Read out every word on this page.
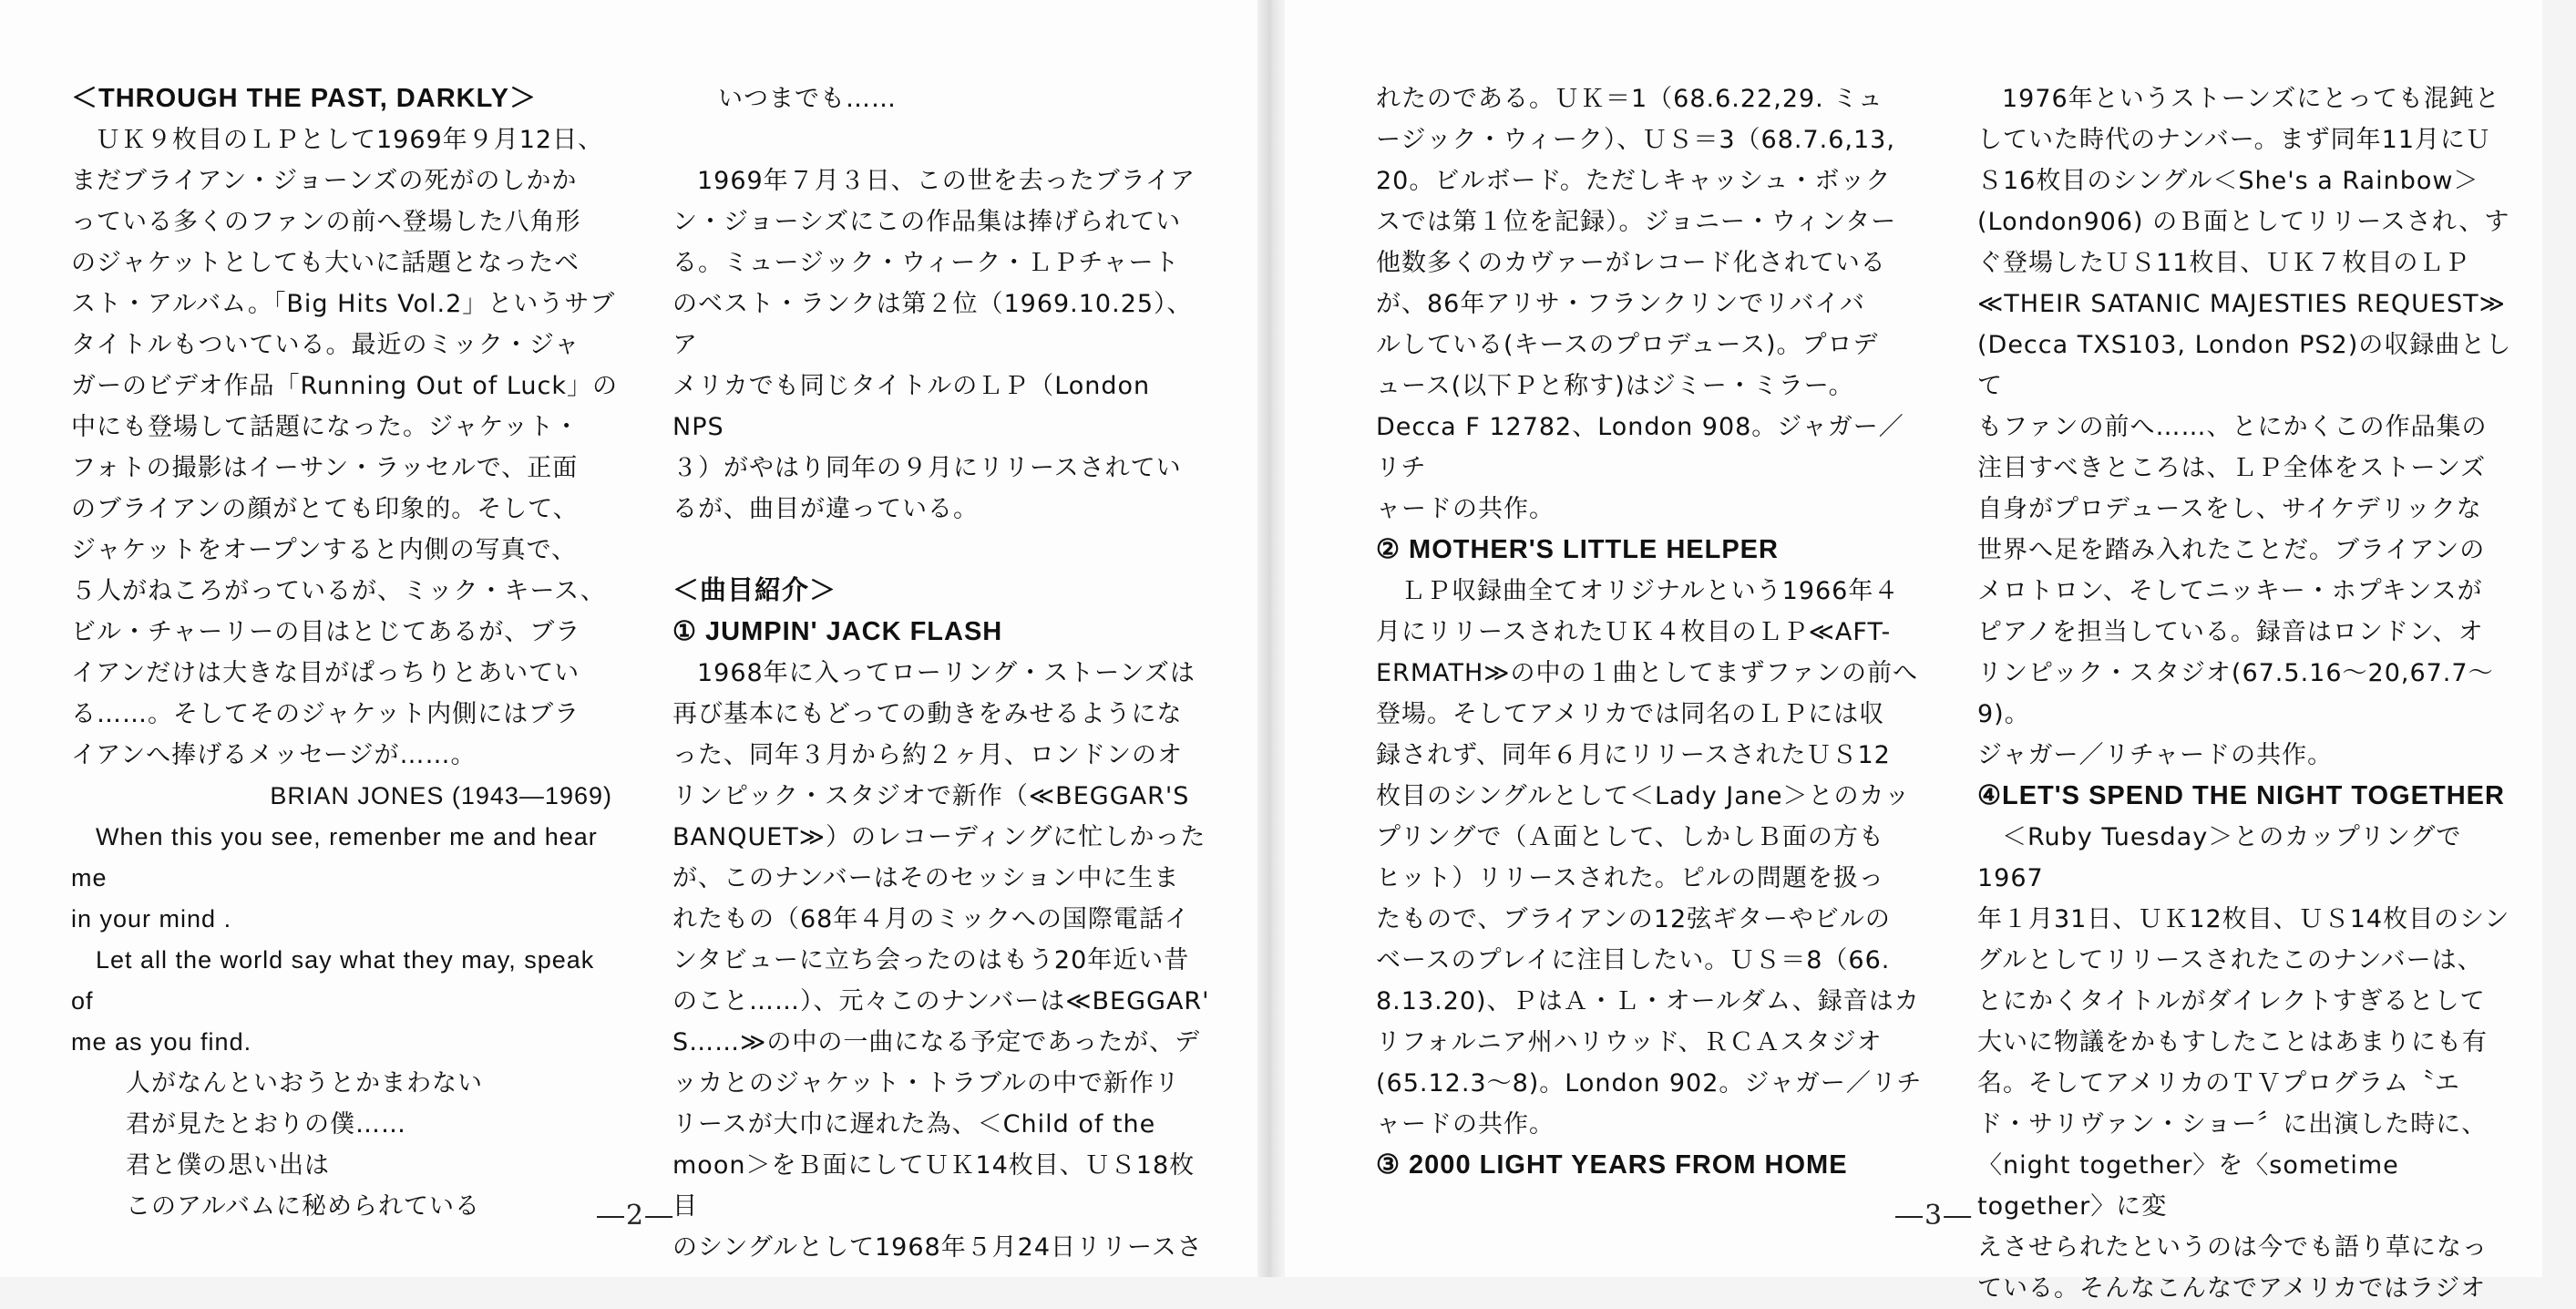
＜THROUGH THE PAST, DARKLY＞

ＵＫ９枚目のＬＰとして1969年９月12日、

まだブライアン・ジョーンズの死がのしかか

っている多くのファンの前へ登場した八角形

のジャケットとしても大いに話題となったベ

スト・アルバム。「Big Hits Vol.2」というサブ

タイトルもついている。最近のミック・ジャ

ガーのビデオ作品「Running Out of Luck」の

中にも登場して話題になった。ジャケット・

フォトの撮影はイーサン・ラッセルで、正面

のブライアンの顔がとても印象的。そして、

ジャケットをオープンすると内側の写真で、

５人がねころがっているが、ミック・キース、

ビル・チャーリーの目はとじてあるが、ブラ

イアンだけは大きな目がぱっちりとあいてい

る……。そしてそのジャケット内側にはブラ

イアンへ捧げるメッセージが……。

BRIAN JONES (1943―1969)

When this you see, remenber me and hear me

in your mind .

Let all the world say what they may, speak of

me as you find.

人がなんといおうとかまわない

君が見たとおりの僕……

君と僕の思い出は

このアルバムに秘められている

いつまでも……

1969年７月３日、この世を去ったブライア

ン・ジョーシズにこの作品集は捧げられてい

る。ミュージック・ウィーク・ＬＰチャート

のベスト・ランクは第２位（1969.10.25）、ア

メリカでも同じタイトルのＬＰ（London NPS

３）がやはり同年の９月にリリースされてい

るが、曲目が違っている。

＜曲目紹介＞

① JUMPIN' JACK FLASH

1968年に入ってローリング・ストーンズは

再び基本にもどっての動きをみせるようにな

った、同年３月から約２ヶ月、ロンドンのオ

リンピック・スタジオで新作（≪BEGGAR'S

BANQUET≫）のレコーディングに忙しかった

が、このナンバーはそのセッション中に生ま

れたもの（68年４月のミックへの国際電話イ

ンタビューに立ち会ったのはもう20年近い昔

のこと……）、元々このナンバーは≪BEGGAR'

S……≫の中の一曲になる予定であったが、デ

ッカとのジャケット・トラブルの中で新作リ

リースが大巾に遅れた為、＜Child of the

moon＞をＢ面にしてＵＫ14枚目、ＵＳ18枚目

のシングルとして1968年５月24日リリースさ

―2―

れたのである。ＵＫ＝1（68.6.22,29. ミュ

ージック・ウィーク）、ＵＳ＝3（68.7.6,13,

20。ビルボード。ただしキャッシュ・ボック

スでは第１位を記録）。ジョニー・ウィンター

他数多くのカヴァーがレコード化されている

が、86年アリサ・フランクリンでリバイバ

ルしている(キースのプロデュース)。プロデ

ュース(以下Ｐと称す)はジミー・ミラー。

Decca F 12782、London 908。ジャガー／リチ

ャードの共作。

② MOTHER'S LITTLE HELPER

ＬＰ収録曲全てオリジナルという1966年４

月にリリースされたＵＫ４枚目のＬＰ≪AFT-

ERMATH≫の中の１曲としてまずファンの前へ

登場。そしてアメリカでは同名のＬＰには収

録されず、同年６月にリリースされたＵＳ12

枚目のシングルとして＜Lady Jane＞とのカッ

プリングで（Ａ面として、しかしＢ面の方も

ヒット）リリースされた。ピルの問題を扱っ

たもので、ブライアンの12弦ギターやビルの

ベースのプレイに注目したい。ＵＳ＝8（66.

8.13.20)、ＰはＡ・Ｌ・オールダム、録音はカ

リフォルニア州ハリウッド、ＲＣＡスタジオ

(65.12.3〜8)。London 902。ジャガー／リチ

ャードの共作。

③ 2000 LIGHT YEARS FROM HOME

1976年というストーンズにとっても混鈍と

していた時代のナンバー。まず同年11月にＵ

Ｓ16枚目のシングル＜She's a Rainbow＞

(London906) のＢ面としてリリースされ、す

ぐ登場したＵＳ11枚目、ＵＫ７枚目のＬＰ

≪THEIR SATANIC MAJESTIES REQUEST≫

(Decca TXS103, London PS2)の収録曲として

もファンの前へ……、とにかくこの作品集の

注目すべきところは、ＬＰ全体をストーンズ

自身がプロデュースをし、サイケデリックな

世界へ足を踏み入れたことだ。ブライアンの

メロトロン、そしてニッキー・ホプキンスが

ピアノを担当している。録音はロンドン、オ

リンピック・スタジオ(67.5.16〜20,67.7〜9)。

ジャガー／リチャードの共作。

④LET'S SPEND THE NIGHT TOGETHER

＜Ruby Tuesday＞とのカップリングで1967

年１月31日、ＵＫ12枚目、ＵＳ14枚目のシン

グルとしてリリースされたこのナンバーは、

とにかくタイトルがダイレクトすぎるとして

大いに物議をかもすしたことはあまりにも有

名。そしてアメリカのＴＶプログラム〝エ

ド・サリヴァン・ショー〞に出演した時に、

〈night together〉を〈sometime together〉に変

えさせられたというのは今でも語り草になっ

ている。そんなこんなでアメリカではラジオ

―3―
